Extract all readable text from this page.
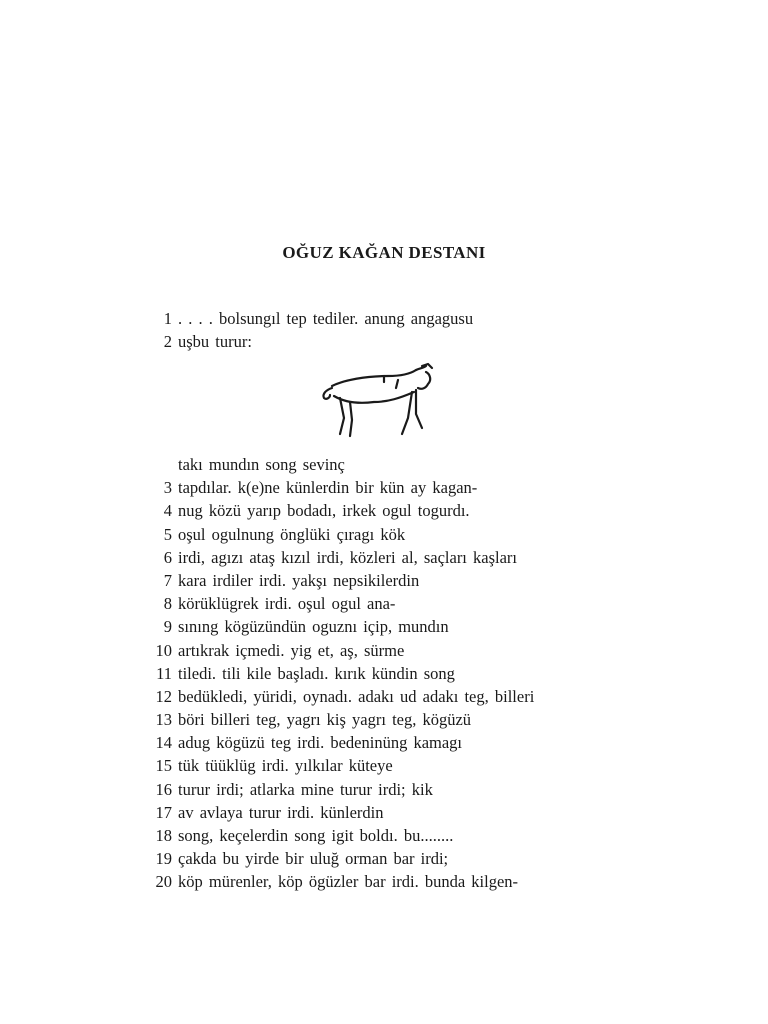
OĞUZ KAĞAN DESTANI
1 . . . . bolsungıl tep tediler. anung angagusu
2 uşbu turur:
takı mundın song sevinç
3 tapdılar. k(e)ne künlerdin bir kün ay kagan-
4 nug közü yarıp bodadı, irkek ogul togurdı.
5 oşul ogulnung önglüki çıragı kök
6 irdi, agızı ataş kızıl irdi, közleri al, saçları kaşları
7 kara irdiler irdi. yakşı nepsikilerdin
8 körüklügrek irdi. oşul ogul ana-
9 sınıng kögüzündün oguznı içip, mundın
10 artıkrak içmedi. yig et, aş, sürme
11 tiledi. tili kile başladı. kırık kündin song
12 bedükledi, yüridi, oynadı. adakı ud adakı teg, billeri
13 böri billeri teg, yagrı kiş yagrı teg, kögüzü
14 adug kögüzü teg irdi. bedeninüng kamagı
15 tük tüüklüg irdi. yılkılar küteye
16 turur irdi; atlarka mine turur irdi; kik
17 av avlaya turur irdi. künlerdin
18 song, keçelerdin song igit boldı. bu........
19 çakda bu yirde bir uluğ orman bar irdi;
20 köp mürenler, köp ögüzler bar irdi. bunda kilgen-
